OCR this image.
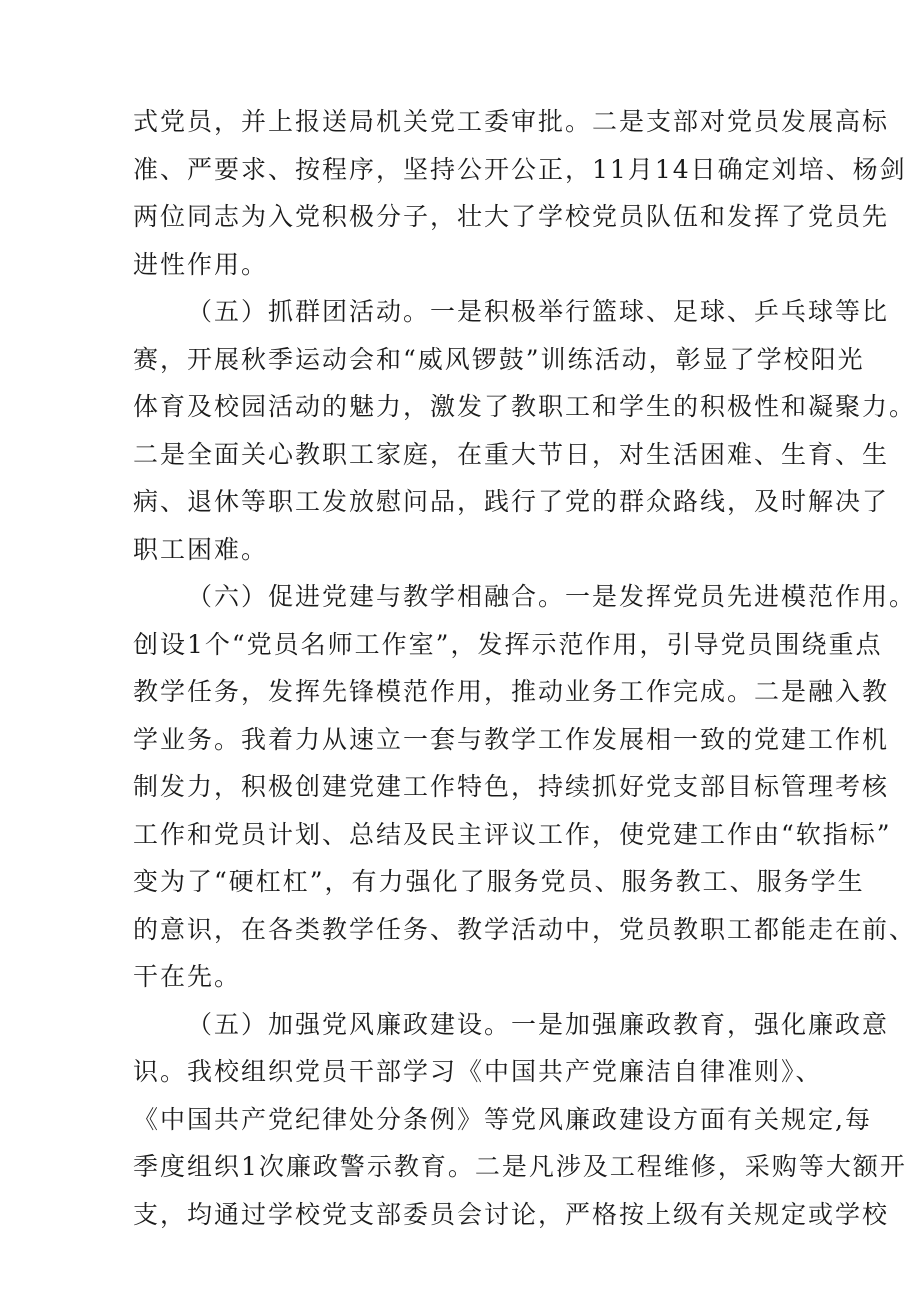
式党员，并上报送局机关党工委审批。二是支部对党员发展高标
准、严要求、按程序，坚持公开公正，11月14日确定刘培、杨剑
两位同志为入党积极分子，壮大了学校党员队伍和发挥了党员先
进性作用。

（五）抓群团活动。一是积极举行篮球、足球、乒乓球等比
赛，开展秋季运动会和“威风锣鼓”训练活动，彰显了学校阳光
体育及校园活动的魅力，激发了教职工和学生的积极性和凝聚力。
二是全面关心教职工家庭，在重大节日，对生活困难、生育、生
病、退休等职工发放慰问品，践行了党的群众路线，及时解决了
职工困难。

（六）促进党建与教学相融合。一是发挥党员先进模范作用。
创设1个“党员名师工作室”，发挥示范作用，引导党员围绕重点
教学任务，发挥先锋模范作用，推动业务工作完成。二是融入教
学业务。我着力从速立一套与教学工作发展相一致的党建工作机
制发力，积极创建党建工作特色，持续抓好党支部目标管理考核
工作和党员计划、总结及民主评议工作，使党建工作由“软指标”
变为了“硬杠杠”，有力强化了服务党员、服务教工、服务学生
的意识，在各类教学任务、教学活动中，党员教职工都能走在前、
干在先。

（五）加强党风廉政建设。一是加强廉政教育，强化廉政意
识。我校组织党员干部学习《中国共产党廉洁自律准则》、
《中国共产党纪律处分条例》等党风廉政建设方面有关规定,每
季度组织1次廉政警示教育。二是凡涉及工程维修，采购等大额开
支，均通过学校党支部委员会讨论，严格按上级有关规定或学校
